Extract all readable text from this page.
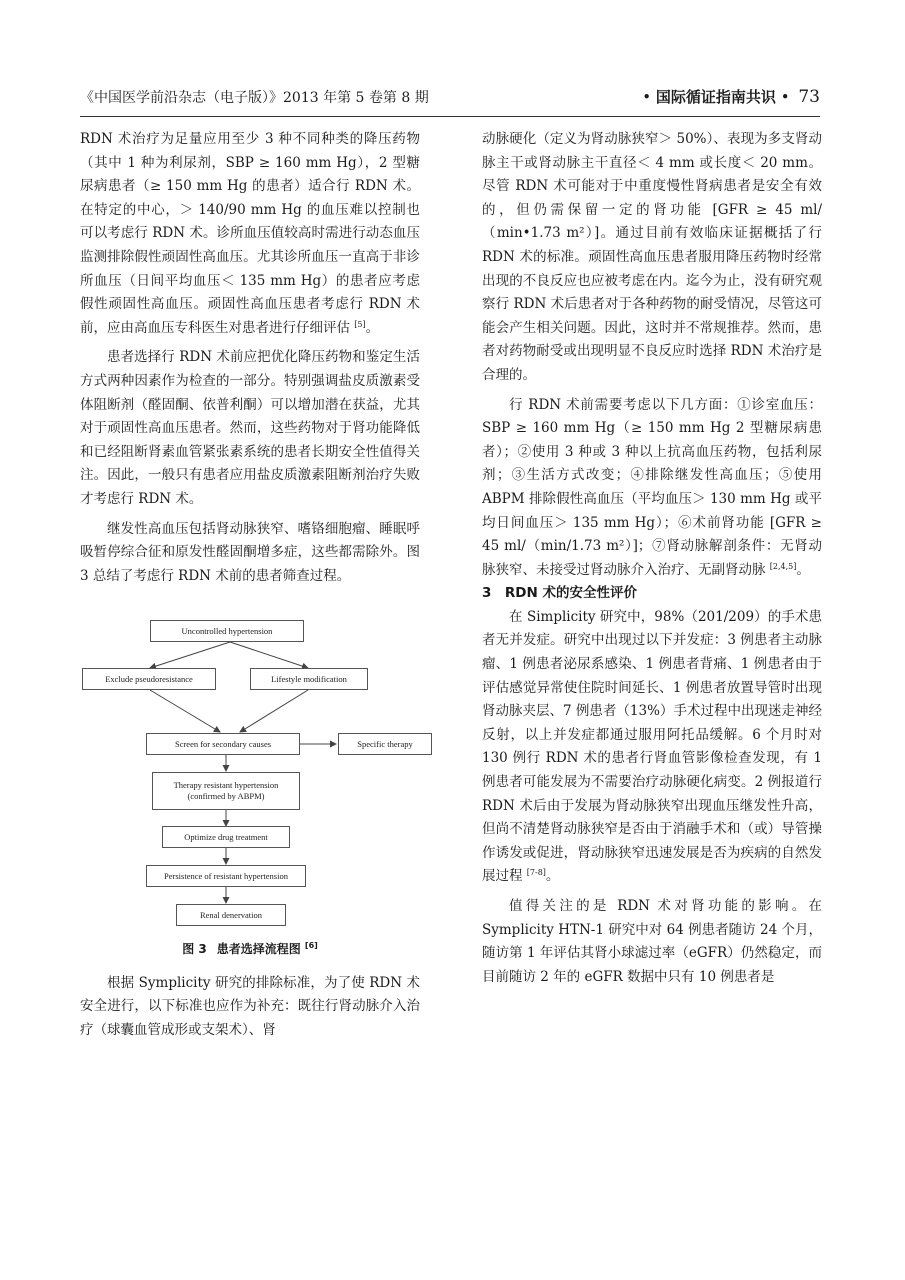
《中国医学前沿杂志（电子版）》2013 年第 5 卷第 8 期	• 国际循证指南共识 • 73

RDN 术治疗为足量应用至少 3 种不同种类的降压药物（其中 1 种为利尿剂，SBP ≥ 160 mm Hg），2 型糖尿病患者（≥ 150 mm Hg 的患者）适合行 RDN 术。在特定的中心，＞ 140/90 mm Hg 的血压难以控制也可以考虑行 RDN 术。诊所血压值较高时需进行动态血压监测排除假性顽固性高血压。尤其诊所血压一直高于非诊所血压（日间平均血压＜ 135 mm Hg）的患者应考虑假性顽固性高血压。顽固性高血压患者考虑行 RDN 术前，应由高血压专科医生对患者进行仔细评估 [5]。

患者选择行 RDN 术前应把优化降压药物和鉴定生活方式两种因素作为检查的一部分。特别强调盐皮质激素受体阻断剂（醛固酮、依普利酮）可以增加潜在获益，尤其对于顽固性高血压患者。然而，这些药物对于肾功能降低和已经阻断肾素血管紧张素系统的患者长期安全性值得关注。因此，一般只有患者应用盐皮质激素阻断剂治疗失败才考虑行 RDN 术。

继发性高血压包括肾动脉狭窄、嗜铬细胞瘤、睡眠呼吸暂停综合征和原发性醛固酮增多症，这些都需除外。图 3 总结了考虑行 RDN 术前的患者筛查过程。

Uncontrolled hypertension
Exclude pseudoresistance	Lifestyle modification
Screen for secondary causes	Specific therapy
Therapy resistant hypertension
(confirmed by ABPM)
Optimize drug treatment
Persistence of resistant hypertension
Renal denervation
图 3 患者选择流程图 [6]

根据 Symplicity 研究的排除标准，为了使 RDN 术安全进行，以下标准也应作为补充：既往行肾动脉介入治疗（球囊血管成形或支架术）、肾

动脉硬化（定义为肾动脉狭窄＞ 50%）、表现为多支肾动脉主干或肾动脉主干直径＜ 4 mm 或长度＜ 20 mm。尽管 RDN 术可能对于中重度慢性肾病患者是安全有效的，但仍需保留一定的肾功能 [GFR ≥ 45 ml/（min•1.73 m²）]。通过目前有效临床证据概括了行 RDN 术的标准。顽固性高血压患者服用降压药物时经常出现的不良反应也应被考虑在内。迄今为止，没有研究观察行 RDN 术后患者对于各种药物的耐受情况，尽管这可能会产生相关问题。因此，这时并不常规推荐。然而，患者对药物耐受或出现明显不良反应时选择 RDN 术治疗是合理的。

行 RDN 术前需要考虑以下几方面：①诊室血压：SBP ≥ 160 mm Hg（≥ 150 mm Hg 2 型糖尿病患者）；②使用 3 种或 3 种以上抗高血压药物，包括利尿剂；③生活方式改变；④排除继发性高血压；⑤使用 ABPM 排除假性高血压（平均血压＞ 130 mm Hg 或平均日间血压＞ 135 mm Hg）；⑥术前肾功能 [GFR ≥ 45 ml/（min/1.73 m²）]；⑦肾动脉解剖条件：无肾动脉狭窄、未接受过肾动脉介入治疗、无副肾动脉 [2,4,5]。

3　RDN 术的安全性评价

在 Simplicity 研究中，98%（201/209）的手术患者无并发症。研究中出现过以下并发症：3 例患者主动脉瘤、1 例患者泌尿系感染、1 例患者背痛、1 例患者由于评估感觉异常使住院时间延长、1 例患者放置导管时出现肾动脉夹层、7 例患者（13%）手术过程中出现迷走神经反射，以上并发症都通过服用阿托品缓解。6 个月时对 130 例行 RDN 术的患者行肾血管影像检查发现，有 1 例患者可能发展为不需要治疗动脉硬化病变。2 例报道行 RDN 术后由于发展为肾动脉狭窄出现血压继发性升高，但尚不清楚肾动脉狭窄是否由于消融手术和（或）导管操作诱发或促进，肾动脉狭窄迅速发展是否为疾病的自然发展过程 [7-8]。

值得关注的是 RDN 术对肾功能的影响。在 Symplicity HTN-1 研究中对 64 例患者随访 24 个月，随访第 1 年评估其肾小球滤过率（eGFR）仍然稳定，而目前随访 2 年的 eGFR 数据中只有 10 例患者是
